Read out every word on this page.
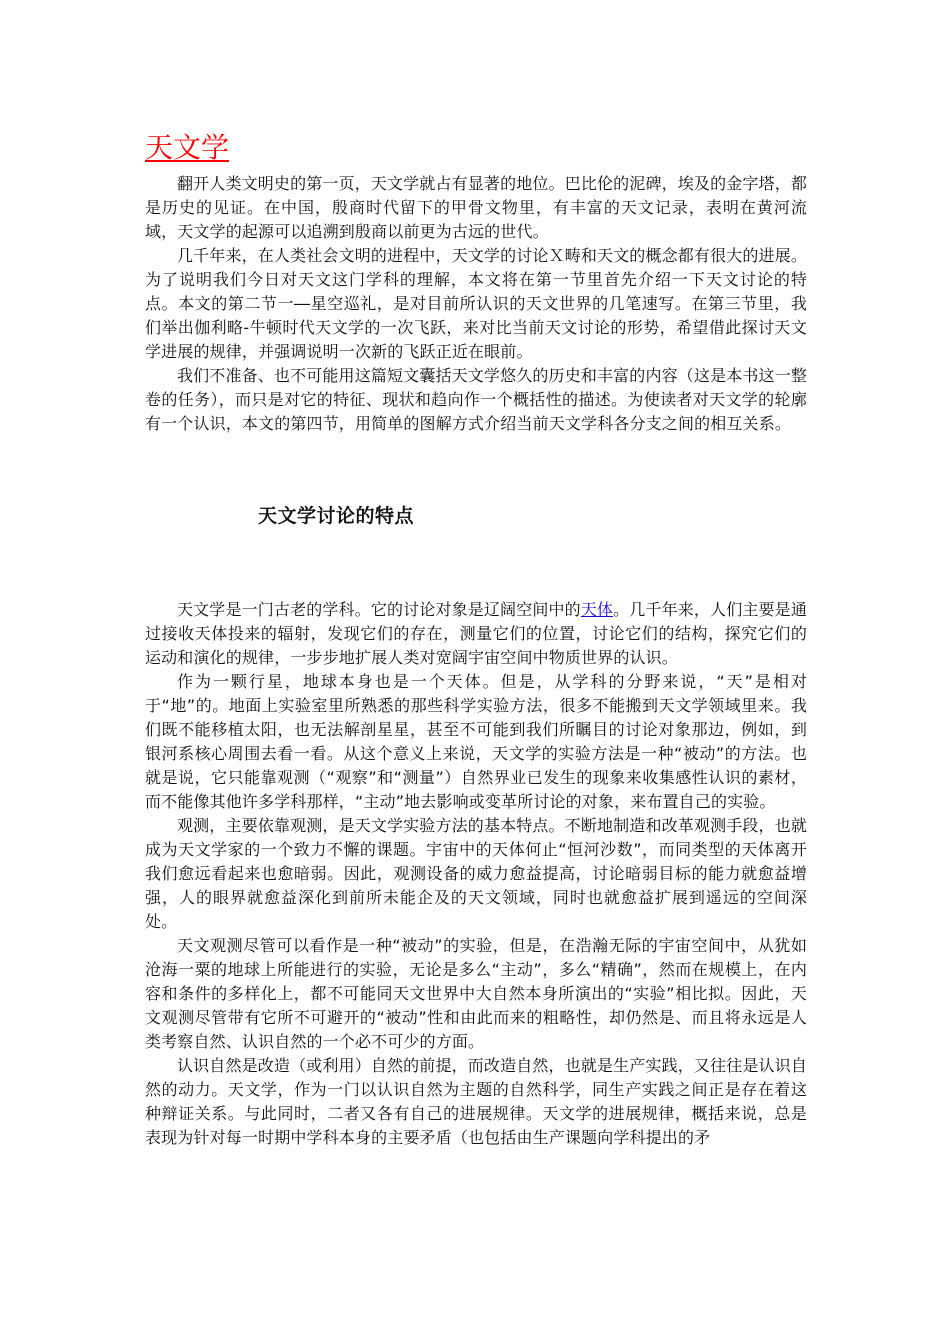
天文学

翻开人类文明史的第一页，天文学就占有显著的地位。巴比伦的泥碑，埃及的金字塔，都是历史的见证。在中国，殷商时代留下的甲骨文物里，有丰富的天文记录，表明在黄河流域，天文学的起源可以追溯到殷商以前更为古远的世代。

几千年来，在人类社会文明的进程中，天文学的讨论Ｘ畴和天文的概念都有很大的进展。为了说明我们今日对天文这门学科的理解，本文将在第一节里首先介绍一下天文讨论的特点。本文的第二节一―星空巡礼，是对目前所认识的天文世界的几笔速写。在第三节里，我们举出伽利略-牛顿时代天文学的一次飞跃，来对比当前天文讨论的形势，希望借此探讨天文学进展的规律，并强调说明一次新的飞跃正近在眼前。

我们不准备、也不可能用这篇短文囊括天文学悠久的历史和丰富的内容（这是本书这一整卷的任务），而只是对它的特征、现状和趋向作一个概括性的描述。为使读者对天文学的轮廓有一个认识，本文的第四节，用简单的图解方式介绍当前天文学科各分支之间的相互关系。

天文学讨论的特点

天文学是一门古老的学科。它的讨论对象是辽阔空间中的天体。几千年来，人们主要是通过接收天体投来的辐射，发现它们的存在，测量它们的位置，讨论它们的结构，探究它们的运动和演化的规律，一步步地扩展人类对宽阔宇宙空间中物质世界的认识。

作为一颗行星，地球本身也是一个天体。但是，从学科的分野来说，“天”是相对于“地”的。地面上实验室里所熟悉的那些科学实验方法，很多不能搬到天文学领域里来。我们既不能移植太阳，也无法解剖星星，甚至不可能到我们所瞩目的讨论对象那边，例如，到银河系核心周围去看一看。从这个意义上来说，天文学的实验方法是一种“被动”的方法。也就是说，它只能靠观测（“观察”和“测量”）自然界业已发生的现象来收集感性认识的素材，而不能像其他许多学科那样，“主动”地去影响或变革所讨论的对象，来布置自己的实验。

观测，主要依靠观测，是天文学实验方法的基本特点。不断地制造和改革观测手段，也就成为天文学家的一个致力不懈的课题。宇宙中的天体何止“恒河沙数”，而同类型的天体离开我们愈远看起来也愈暗弱。因此，观测设备的威力愈益提高，讨论暗弱目标的能力就愈益增强，人的眼界就愈益深化到前所未能企及的天文领域，同时也就愈益扩展到遥远的空间深处。

天文观测尽管可以看作是一种“被动”的实验，但是，在浩瀚无际的宇宙空间中，从犹如沧海一粟的地球上所能进行的实验，无论是多么“主动”，多么“精确”，然而在规模上，在内容和条件的多样化上，都不可能同天文世界中大自然本身所演出的“实验”相比拟。因此，天文观测尽管带有它所不可避开的“被动”性和由此而来的粗略性，却仍然是、而且将永远是人类考察自然、认识自然的一个必不可少的方面。

认识自然是改造（或利用）自然的前提，而改造自然，也就是生产实践，又往往是认识自然的动力。天文学，作为一门以认识自然为主题的自然科学，同生产实践之间正是存在着这种辩证关系。与此同时，二者又各有自己的进展规律。天文学的进展规律，概括来说，总是表现为针对每一时期中学科本身的主要矛盾（也包括由生产课题向学科提出的矛
